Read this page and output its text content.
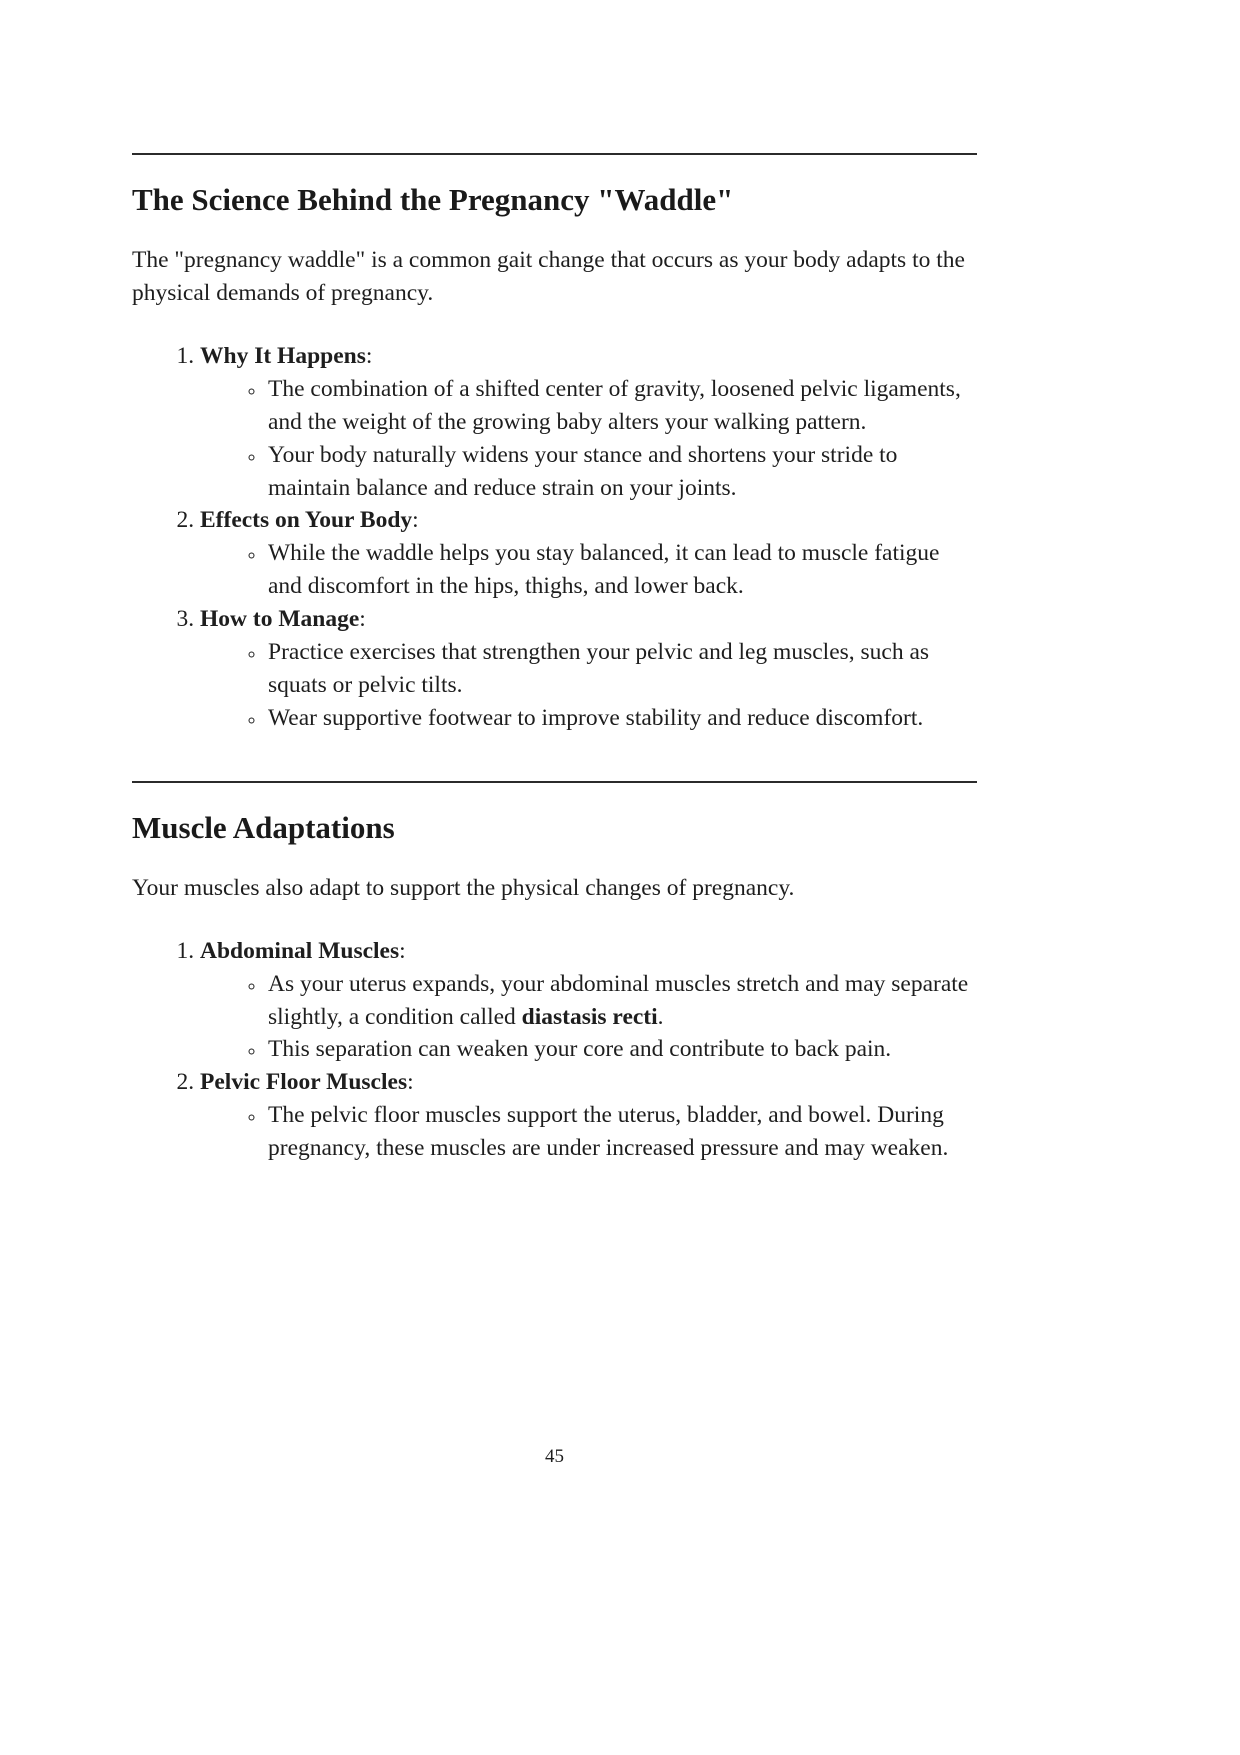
The Science Behind the Pregnancy "Waddle"

The "pregnancy waddle" is a common gait change that occurs as your body adapts to the physical demands of pregnancy.

1. Why It Happens:
◦ The combination of a shifted center of gravity, loosened pelvic ligaments, and the weight of the growing baby alters your walking pattern.
◦ Your body naturally widens your stance and shortens your stride to maintain balance and reduce strain on your joints.
2. Effects on Your Body:
◦ While the waddle helps you stay balanced, it can lead to muscle fatigue and discomfort in the hips, thighs, and lower back.
3. How to Manage:
◦ Practice exercises that strengthen your pelvic and leg muscles, such as squats or pelvic tilts.
◦ Wear supportive footwear to improve stability and reduce discomfort.
Muscle Adaptations

Your muscles also adapt to support the physical changes of pregnancy.

1. Abdominal Muscles:
◦ As your uterus expands, your abdominal muscles stretch and may separate slightly, a condition called diastasis recti.
◦ This separation can weaken your core and contribute to back pain.
2. Pelvic Floor Muscles:
◦ The pelvic floor muscles support the uterus, bladder, and bowel. During pregnancy, these muscles are under increased pressure and may weaken.
45
